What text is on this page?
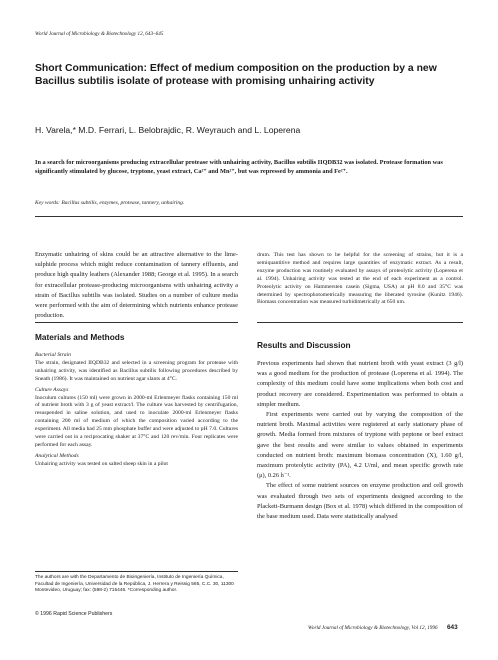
World Journal of Microbiology & Biotechnology 12, 643–645
Short Communication: Effect of medium composition on the production by a new Bacillus subtilis isolate of protease with promising unhairing activity
H. Varela,* M.D. Ferrari, L. Belobrajdic, R. Weyrauch and L. Loperena
In a search for microorganisms producing extracellular protease with unhairing activity, Bacillus subtilis IIQDB32 was isolated. Protease formation was significantly stimulated by glucose, tryptone, yeast extract, Ca²⁺ and Mn²⁺, but was repressed by ammonia and Fe²⁺.
Key words: Bacillus subtilis, enzymes, protease, tannery, unhairing.
Enzymatic unhairing of skins could be an attractive alternative to the lime-sulphide process which might reduce contamination of tannery effluents, and produce high quality leathers (Alexander 1988; George et al. 1995). In a search for extracellular protease-producing microorganisms with unhairing activity a strain of Bacillus subtilis was isolated. Studies on a number of culture media were performed with the aim of determining which nutrients enhance protease production.
drum. This test has shown to be helpful for the screening of strains, but it is a semiquantitive method and requires large quantities of enzymatic extract. As a result, enzyme production was routinely evaluated by assays of proteolytic activity (Loperena et al. 1994). Unhairing activity was tested at the end of each experiment as a control. Proteolytic activity on Hammersten casein (Sigma, USA) at pH 8.0 and 35°C was determined by spectrophotometrically measuring the liberated tyrosine (Kunitz 1946). Biomass concentration was measured turbidimetrically at 650 nm.
Materials and Methods
Bacterial Strain

The strain, designated IIQDB32 and selected in a screening program for protease with unhairing activity, was identified as Bacillus subtilis following procedures described by Sneath (1986). It was maintained on nutrient agar slants at 4°C.

Culture Assays

Inoculum cultures (150 ml) were grown in 2000-ml Erlenmeyer flasks containing 150 ml of nutrient broth with 3 g of yeast extract/l. The culture was harvested by centrifugation, resuspended in saline solution, and used to inoculate 2000-ml Erlenmeyer flasks containing 200 ml of medium of which the composition varied according to the experiment. All media had 25 mm phosphate buffer and were adjusted to pH 7.0. Cultures were carried out in a reciprocating shaker at 37°C and 120 rev/min. Four replicates were performed for each assay.

Analytical Methods

Unhairing activity was tested on salted sheep skin in a pilot

Results and Discussion

Previous experiments had shown that nutrient broth with yeast extract (3 g/l) was a good medium for the production of protease (Loperena et al. 1994). The complexity of this medium could have some implications when both cost and product recovery are considered. Experimentation was performed to obtain a simpler medium.

First experiments were carried out by varying the composition of the nutrient broth. Maximal activities were registered at early stationary phase of growth. Media formed from mixtures of tryptone with peptone or beef extract gave the best results and were similar to values obtained in experiments conducted on nutrient broth: maximum biomass concentration (X), 1.60 g/l, maximum proteolytic activity (PA), 4.2 U/ml, and mean specific growth rate (μ), 0.26 h⁻¹.

The effect of some nutrient sources on enzyme production and cell growth was evaluated through two sets of experiments designed according to the Plackett-Burmann design (Box et al. 1978) which differed in the composition of the base medium used. Data were statistically analysed

The authors are with the Departamento de Bioingeniería, Instituto de Ingeniería Química, Facultad de Ingeniería, Universidad de la República, J. Herrera y Reissig 565, C.C. 30, 11300 Montevideo, Uruguay; fax: (598-2) 715446. *Corresponding author.
© 1996 Rapid Science Publishers
World Journal of Microbiology & Biotechnology, Vol 12, 1996 643
